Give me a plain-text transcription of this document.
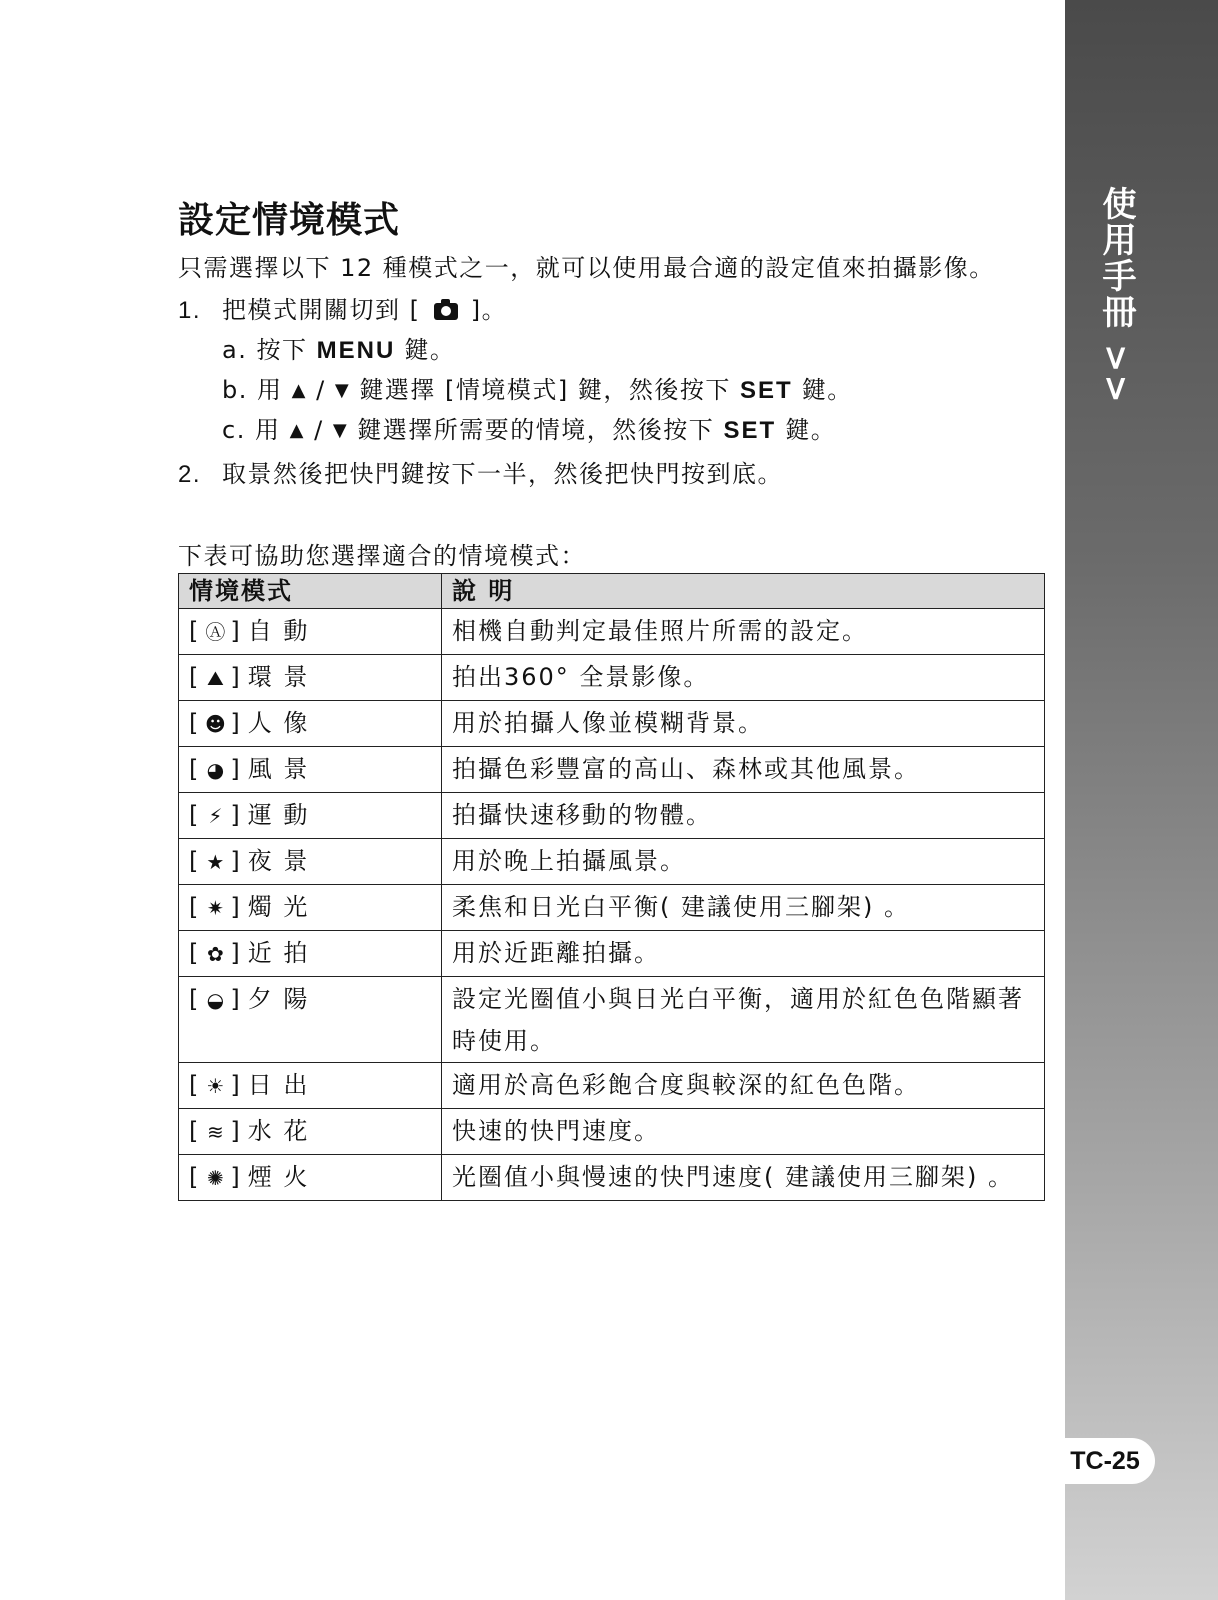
使用手冊 >>
TC-25
設定情境模式
只需選擇以下 12 種模式之一，就可以使用最合適的設定值來拍攝影像。
1. 把模式開關切到 [ ]。
a. 按下 MENU 鍵。
b. 用 ▲ / ▼ 鍵選擇 [情境模式] 鍵，然後按下 SET 鍵。
c. 用 ▲ / ▼ 鍵選擇所需要的情境，然後按下 SET 鍵。
2. 取景然後把快門鍵按下一半，然後把快門按到底。
下表可協助您選擇適合的情境模式：
情境模式	說 明
[ Ⓐ ] 自 動	相機自動判定最佳照片所需的設定。
[ ⛰ ] 環 景	拍出360° 全景影像。
[ ☻ ] 人 像	用於拍攝人像並模糊背景。
[ ◕ ] 風 景	拍攝色彩豐富的高山、森林或其他風景。
[ ⚡ ] 運 動	拍攝快速移動的物體。
[ ★ ] 夜 景	用於晚上拍攝風景。
[ ✷ ] 燭 光	柔焦和日光白平衡( 建議使用三腳架) 。
[ ✿ ] 近 拍	用於近距離拍攝。
[ ◒ ] 夕 陽	設定光圈值小與日光白平衡，適用於紅色色階顯著時使用。
[ ☀ ] 日 出	適用於高色彩飽合度與較深的紅色色階。
[ ≋ ] 水 花	快速的快門速度。
[ ✺ ] 煙 火	光圈值小與慢速的快門速度( 建議使用三腳架) 。
